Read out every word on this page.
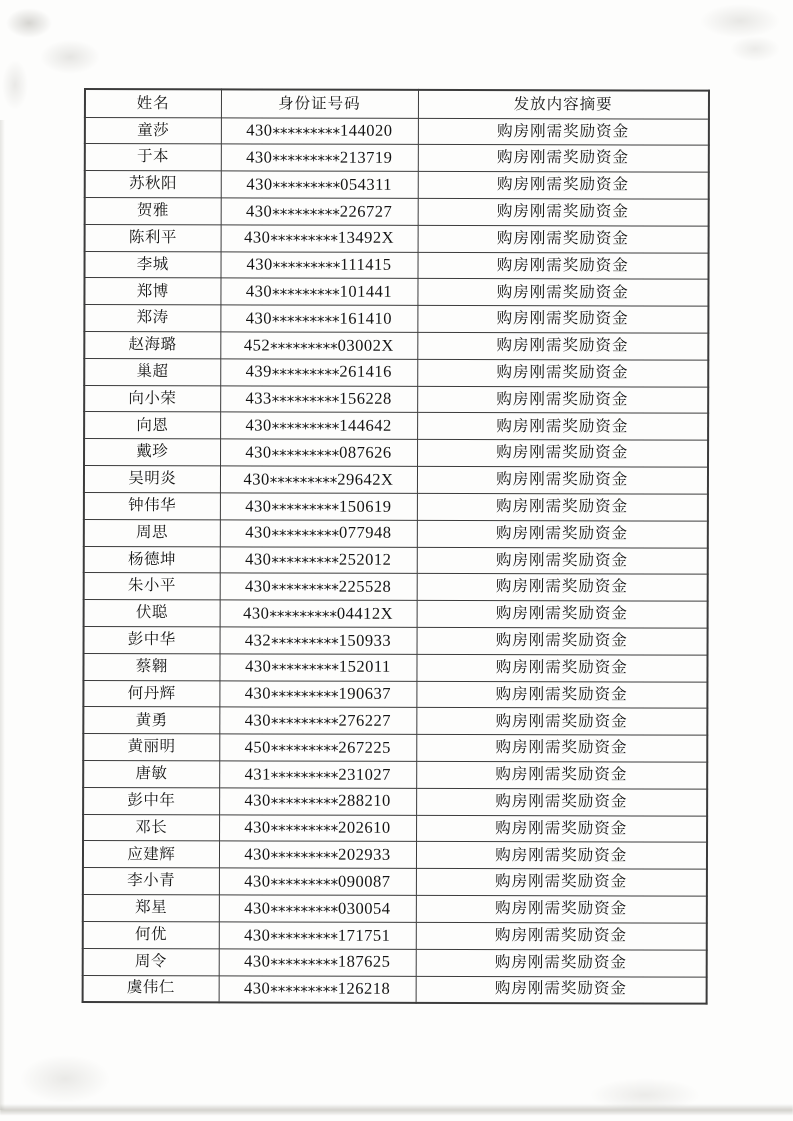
姓名	身份证号码	发放内容摘要
童莎	430*********144020	购房刚需奖励资金
于本	430*********213719	购房刚需奖励资金
苏秋阳	430*********054311	购房刚需奖励资金
贺雅	430*********226727	购房刚需奖励资金
陈利平	430*********13492X	购房刚需奖励资金
李城	430*********111415	购房刚需奖励资金
郑博	430*********101441	购房刚需奖励资金
郑涛	430*********161410	购房刚需奖励资金
赵海璐	452*********03002X	购房刚需奖励资金
巢超	439*********261416	购房刚需奖励资金
向小荣	433*********156228	购房刚需奖励资金
向恩	430*********144642	购房刚需奖励资金
戴珍	430*********087626	购房刚需奖励资金
吴明炎	430*********29642X	购房刚需奖励资金
钟伟华	430*********150619	购房刚需奖励资金
周思	430*********077948	购房刚需奖励资金
杨德坤	430*********252012	购房刚需奖励资金
朱小平	430*********225528	购房刚需奖励资金
伏聪	430*********04412X	购房刚需奖励资金
彭中华	432*********150933	购房刚需奖励资金
蔡翱	430*********152011	购房刚需奖励资金
何丹辉	430*********190637	购房刚需奖励资金
黄勇	430*********276227	购房刚需奖励资金
黄丽明	450*********267225	购房刚需奖励资金
唐敏	431*********231027	购房刚需奖励资金
彭中年	430*********288210	购房刚需奖励资金
邓长	430*********202610	购房刚需奖励资金
应建辉	430*********202933	购房刚需奖励资金
李小青	430*********090087	购房刚需奖励资金
郑星	430*********030054	购房刚需奖励资金
何优	430*********171751	购房刚需奖励资金
周令	430*********187625	购房刚需奖励资金
虞伟仁	430*********126218	购房刚需奖励资金
